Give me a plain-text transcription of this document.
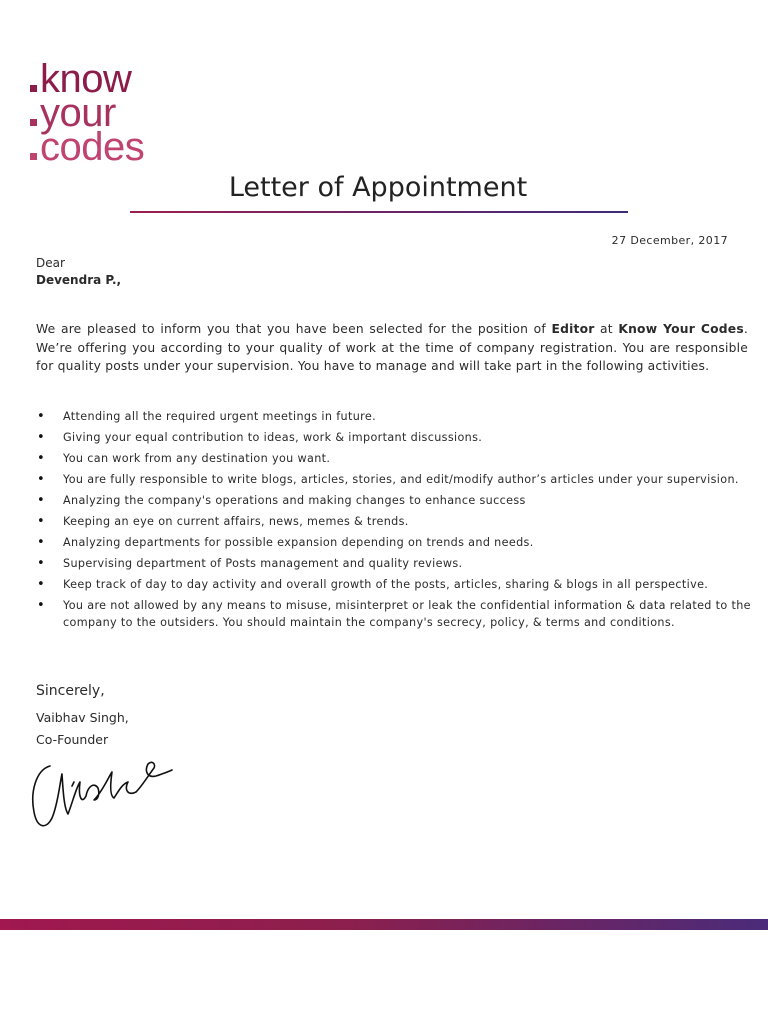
know
your
codes
Letter of Appointment
27 December, 2017
Dear
Devendra P.,

We are pleased to inform you that you have been selected for the position of Editor at Know Your Codes. We’re offering you according to your quality of work at the time of company registration. You are responsible for quality posts under your supervision. You have to manage and will take part in the following activities.

• Attending all the required urgent meetings in future.
• Giving your equal contribution to ideas, work & important discussions.
• You can work from any destination you want.
• You are fully responsible to write blogs, articles, stories, and edit/modify author’s articles under your supervision.
• Analyzing the company's operations and making changes to enhance success
• Keeping an eye on current affairs, news, memes & trends.
• Analyzing departments for possible expansion depending on trends and needs.
• Supervising department of Posts management and quality reviews.
• Keep track of day to day activity and overall growth of the posts, articles, sharing & blogs in all perspective.
• You are not allowed by any means to misuse, misinterpret or leak the confidential information & data related to the company to the outsiders. You should maintain the company's secrecy, policy, & terms and conditions.
Sincerely,
Vaibhav Singh,
Co-Founder
